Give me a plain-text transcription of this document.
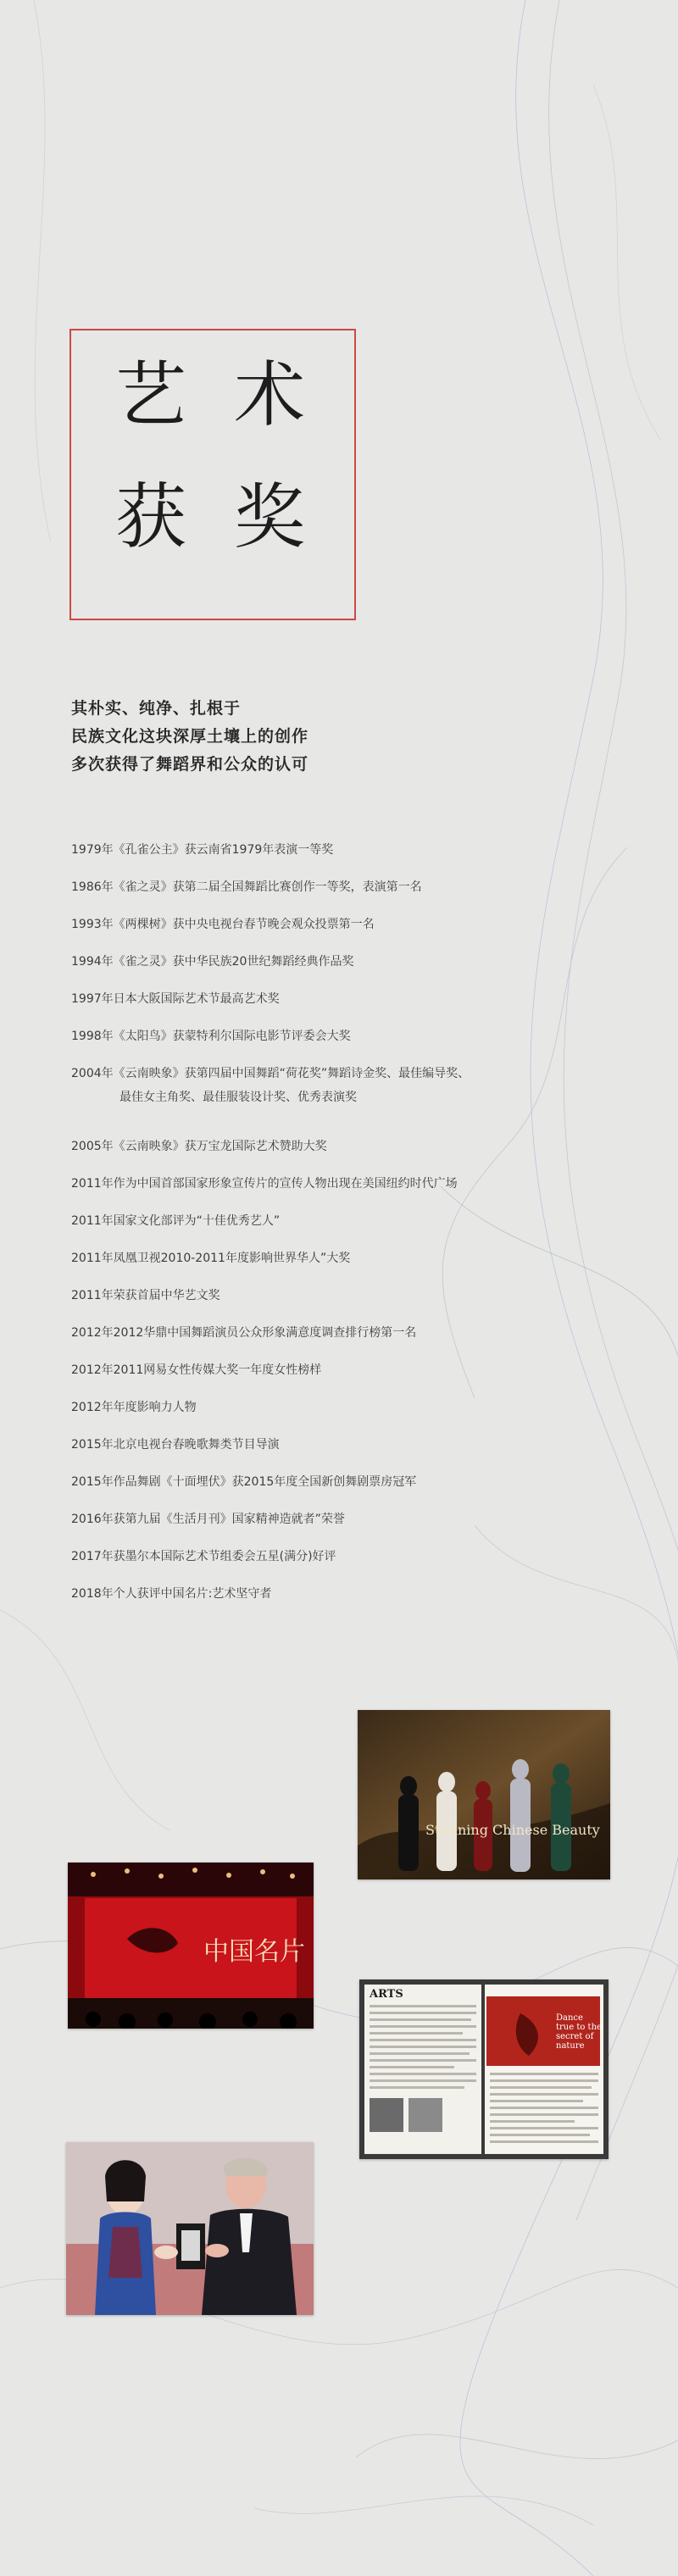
艺 术
获 奖
其朴实、纯净、扎根于
民族文化这块深厚土壤上的创作
多次获得了舞蹈界和公众的认可
1979年《孔雀公主》获云南省1979年表演一等奖
1986年《雀之灵》获第二届全国舞蹈比赛创作一等奖，表演第一名
1993年《两棵树》获中央电视台春节晚会观众投票第一名
1994年《雀之灵》获中华民族20世纪舞蹈经典作品奖
1997年日本大阪国际艺术节最高艺术奖
1998年《太阳鸟》获蒙特利尔国际电影节评委会大奖
2004年《云南映象》获第四届中国舞蹈“荷花奖”舞蹈诗金奖、最佳编导奖、
最佳女主角奖、最佳服装设计奖、优秀表演奖
2005年《云南映象》获万宝龙国际艺术赞助大奖
2011年作为中国首部国家形象宣传片的宣传人物出现在美国纽约时代广场
2011年国家文化部评为“十佳优秀艺人”
2011年凤凰卫视2010-2011年度影响世界华人”大奖
2011年荣获首届中华艺文奖
2012年2012华鼎中国舞蹈演员公众形象满意度调查排行榜第一名
2012年2011网易女性传媒大奖一年度女性榜样
2012年年度影响力人物
2015年北京电视台春晚歌舞类节目导演
2015年作品舞剧《十面埋伏》获2015年度全国新创舞剧票房冠军
2016年获第九届《生活月刊》国家精神造就者”荣誉
2017年获墨尔本国际艺术节组委会五星(满分)好评
2018年个人获评中国名片:艺术坚守者
Stunning Chinese Beauty
中国名片
ARTS
Dance true to the secret of nature
